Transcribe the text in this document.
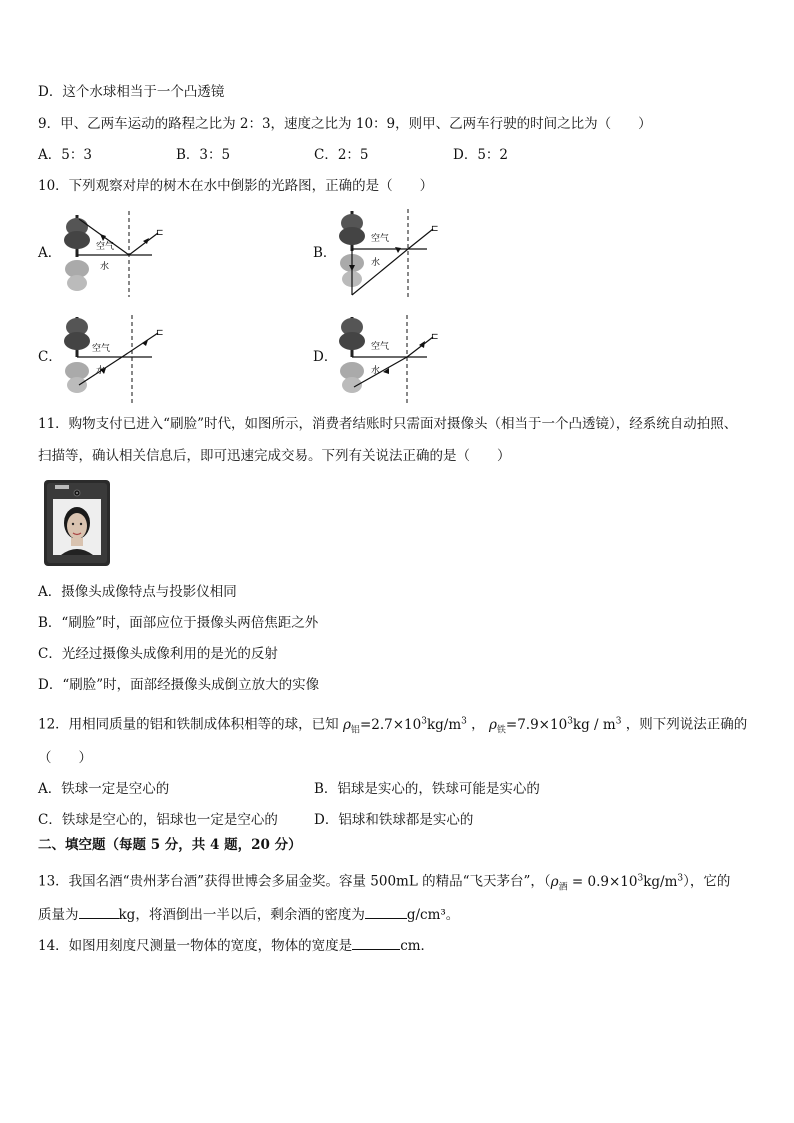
D．这个水球相当于一个凸透镜
9．甲、乙两车运动的路程之比为 2：3，速度之比为 10：9，则甲、乙两车行驶的时间之比为（　　）
A．5：3	B．3：5	C．2：5	D．5：2
10．下列观察对岸的树木在水中倒影的光路图，正确的是（　　）
A．	B．
C．	D．
⊏
空气
水
⊏
空气
水
⊏
空气
水
⊏
空气
水
11．购物支付已进入“刷脸”时代，如图所示，消费者结账时只需面对摄像头（相当于一个凸透镜），经系统自动拍照、
扫描等，确认相关信息后，即可迅速完成交易。下列有关说法正确的是（　　）
A．摄像头成像特点与投影仪相同
B．“刷脸”时，面部应位于摄像头两倍焦距之外
C．光经过摄像头成像利用的是光的反射
D．“刷脸”时，面部经摄像头成倒立放大的实像
12．用相同质量的铝和铁制成体积相等的球，已知 $\rho_铝=2.7\times 10^3kg/m^3$ ， $\rho_铁=7.9\times 10^3kg / m^3$ ，则下列说法正确的
（　　）
A．铁球一定是空心的	B．铝球是实心的，铁球可能是实心的
C．铁球是空心的，铝球也一定是空心的	D．铝球和铁球都是实心的
二、填空题（每题 5 分，共 4 题，20 分）
13．我国名酒“贵州茅台酒”获得世博会多届金奖。容量 500mL 的精品“飞天茅台”，$(\rho_酒 = 0.9\times 10^3kg/m^3)$，它的
质量为	kg，将酒倒出一半以后，剩余酒的密度为	g/cm³。
14．如图用刻度尺测量一物体的宽度，物体的宽度是	cm．
